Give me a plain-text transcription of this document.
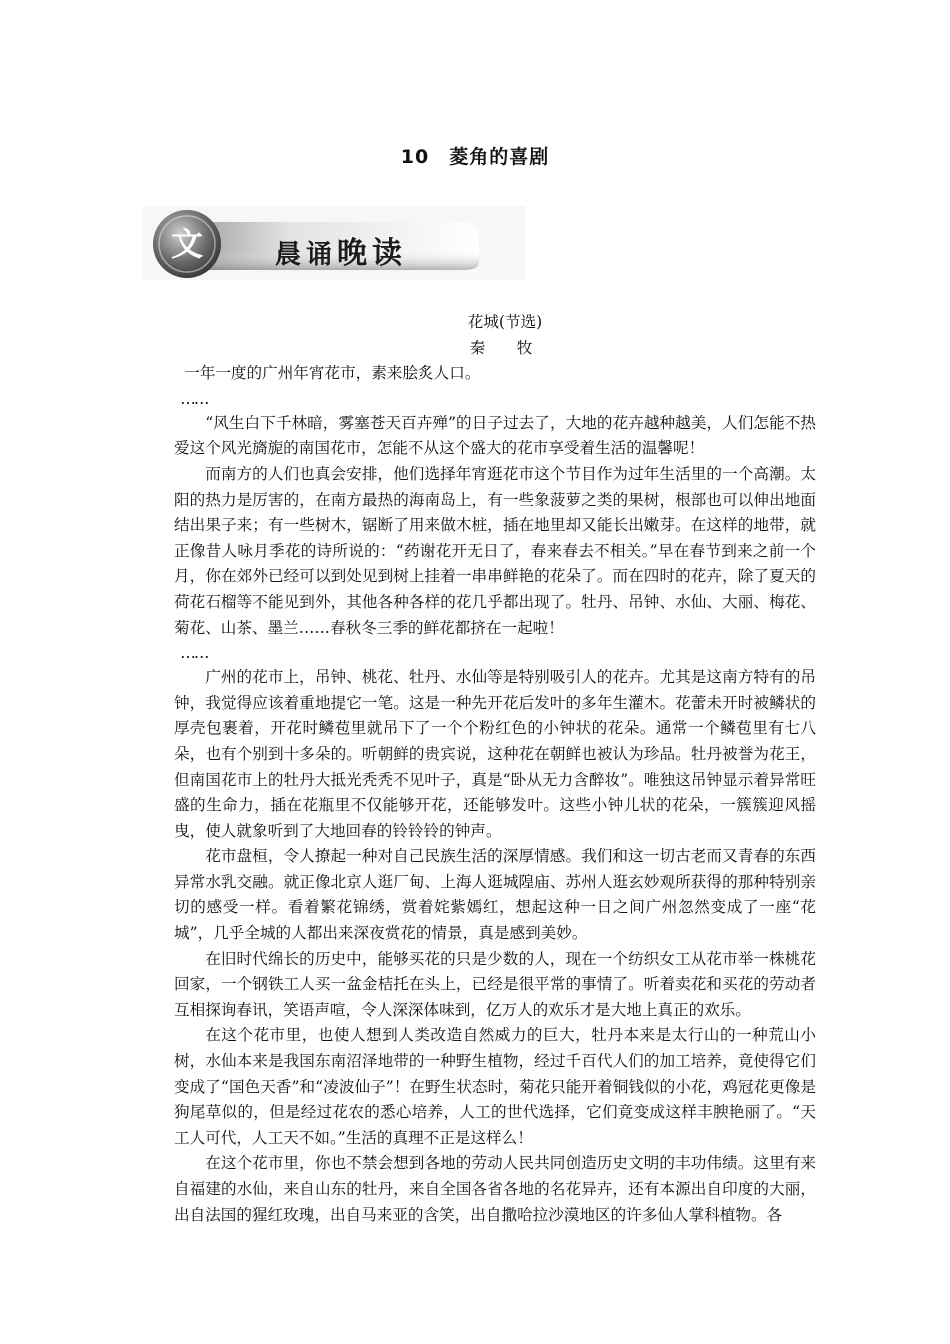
10　菱角的喜剧
文	晨诵晚读
花城(节选)
秦　牧

一年一度的广州年宵花市，素来脍炙人口。

……

“风生白下千林暗，雾塞苍天百卉殚”的日子过去了，大地的花卉越种越美，人们怎能不热爱这个风光旖旎的南国花市，怎能不从这个盛大的花市享受着生活的温馨呢！

而南方的人们也真会安排，他们选择年宵逛花市这个节目作为过年生活里的一个高潮。太阳的热力是厉害的，在南方最热的海南岛上，有一些象菠萝之类的果树，根部也可以伸出地面结出果子来；有一些树木，锯断了用来做木桩，插在地里却又能长出嫩芽。在这样的地带，就正像昔人咏月季花的诗所说的：“药谢花开无日了，春来春去不相关。”早在春节到来之前一个月，你在郊外已经可以到处见到树上挂着一串串鲜艳的花朵了。而在四时的花卉，除了夏天的荷花石榴等不能见到外，其他各种各样的花几乎都出现了。牡丹、吊钟、水仙、大丽、梅花、菊花、山茶、墨兰……春秋冬三季的鲜花都挤在一起啦！

……

广州的花市上，吊钟、桃花、牡丹、水仙等是特别吸引人的花卉。尤其是这南方特有的吊钟，我觉得应该着重地提它一笔。这是一种先开花后发叶的多年生灌木。花蕾未开时被鳞状的厚壳包裹着，开花时鳞苞里就吊下了一个个粉红色的小钟状的花朵。通常一个鳞苞里有七八朵，也有个别到十多朵的。听朝鲜的贵宾说，这种花在朝鲜也被认为珍品。牡丹被誉为花王，但南国花市上的牡丹大抵光秃秃不见叶子，真是“卧从无力含醉妆”。唯独这吊钟显示着异常旺盛的生命力，插在花瓶里不仅能够开花，还能够发叶。这些小钟儿状的花朵，一簇簇迎风摇曳，使人就象听到了大地回春的铃铃铃的钟声。

花市盘桓，令人撩起一种对自己民族生活的深厚情感。我们和这一切古老而又青春的东西异常水乳交融。就正像北京人逛厂甸、上海人逛城隍庙、苏州人逛玄妙观所获得的那种特别亲切的感受一样。看着繁花锦绣，赏着姹紫嫣红，想起这种一日之间广州忽然变成了一座“花城”，几乎全城的人都出来深夜赏花的情景，真是感到美妙。

在旧时代绵长的历史中，能够买花的只是少数的人，现在一个纺织女工从花市举一株桃花回家，一个钢铁工人买一盆金桔托在头上，已经是很平常的事情了。听着卖花和买花的劳动者互相探询春讯，笑语声喧，令人深深体味到，亿万人的欢乐才是大地上真正的欢乐。

在这个花市里，也使人想到人类改造自然威力的巨大，牡丹本来是太行山的一种荒山小树，水仙本来是我国东南沼泽地带的一种野生植物，经过千百代人们的加工培养，竟使得它们变成了“国色天香”和“凌波仙子”！在野生状态时，菊花只能开着铜钱似的小花，鸡冠花更像是狗尾草似的，但是经过花农的悉心培养，人工的世代选择，它们竟变成这样丰腴艳丽了。“天工人可代，人工天不如。”生活的真理不正是这样么！

在这个花市里，你也不禁会想到各地的劳动人民共同创造历史文明的丰功伟绩。这里有来自福建的水仙，来自山东的牡丹，来自全国各省各地的名花异卉，还有本源出自印度的大丽，出自法国的猩红玫瑰，出自马来亚的含笑，出自撒哈拉沙漠地区的许多仙人掌科植物。各
